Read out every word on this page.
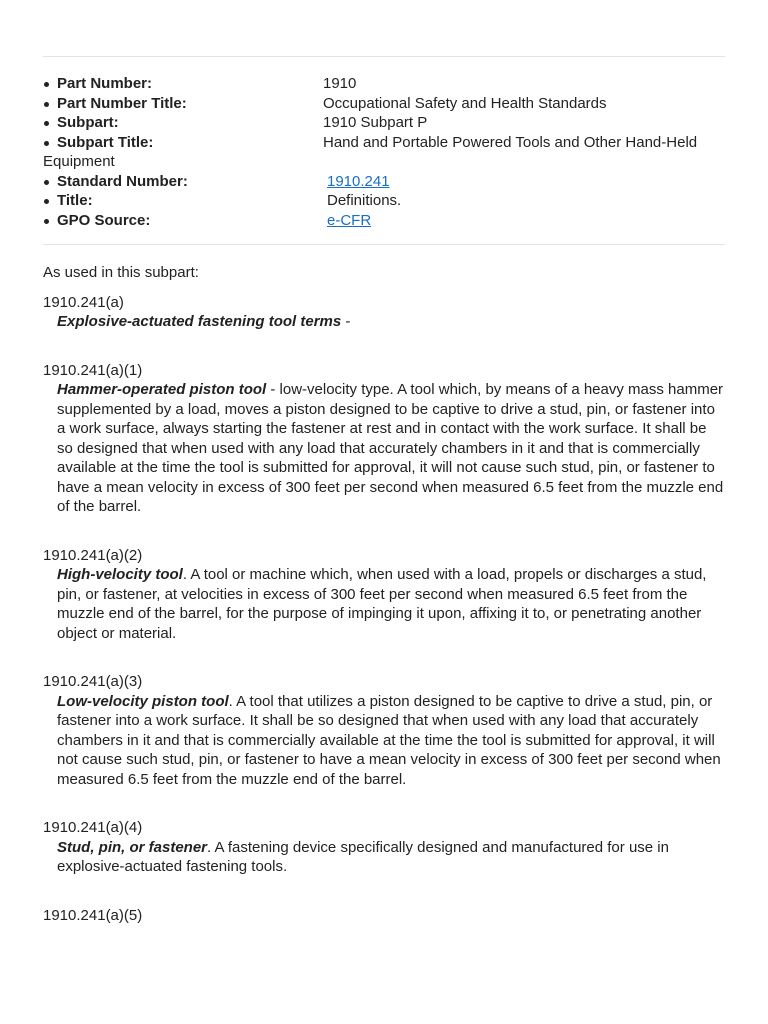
Part Number:	1910
Part Number Title:	Occupational Safety and Health Standards
Subpart:	1910 Subpart P
Subpart Title:	Hand and Portable Powered Tools and Other Hand-Held
Equipment
Standard Number:	1910.241
Title:	Definitions.
GPO Source:	e-CFR

As used in this subpart:

1910.241(a)
Explosive-actuated fastening tool terms -
1910.241(a)(1)
Hammer-operated piston tool - low-velocity type. A tool which, by means of a heavy mass hammer supplemented by a load, moves a piston designed to be captive to drive a stud, pin, or fastener into a work surface, always starting the fastener at rest and in contact with the work surface. It shall be so designed that when used with any load that accurately chambers in it and that is commercially available at the time the tool is submitted for approval, it will not cause such stud, pin, or fastener to have a mean velocity in excess of 300 feet per second when measured 6.5 feet from the muzzle end of the barrel.
1910.241(a)(2)
High-velocity tool. A tool or machine which, when used with a load, propels or discharges a stud, pin, or fastener, at velocities in excess of 300 feet per second when measured 6.5 feet from the muzzle end of the barrel, for the purpose of impinging it upon, affixing it to, or penetrating another object or material.
1910.241(a)(3)
Low-velocity piston tool. A tool that utilizes a piston designed to be captive to drive a stud, pin, or fastener into a work surface. It shall be so designed that when used with any load that accurately chambers in it and that is commercially available at the time the tool is submitted for approval, it will not cause such stud, pin, or fastener to have a mean velocity in excess of 300 feet per second when measured 6.5 feet from the muzzle end of the barrel.
1910.241(a)(4)
Stud, pin, or fastener. A fastening device specifically designed and manufactured for use in explosive-actuated fastening tools.
1910.241(a)(5)
